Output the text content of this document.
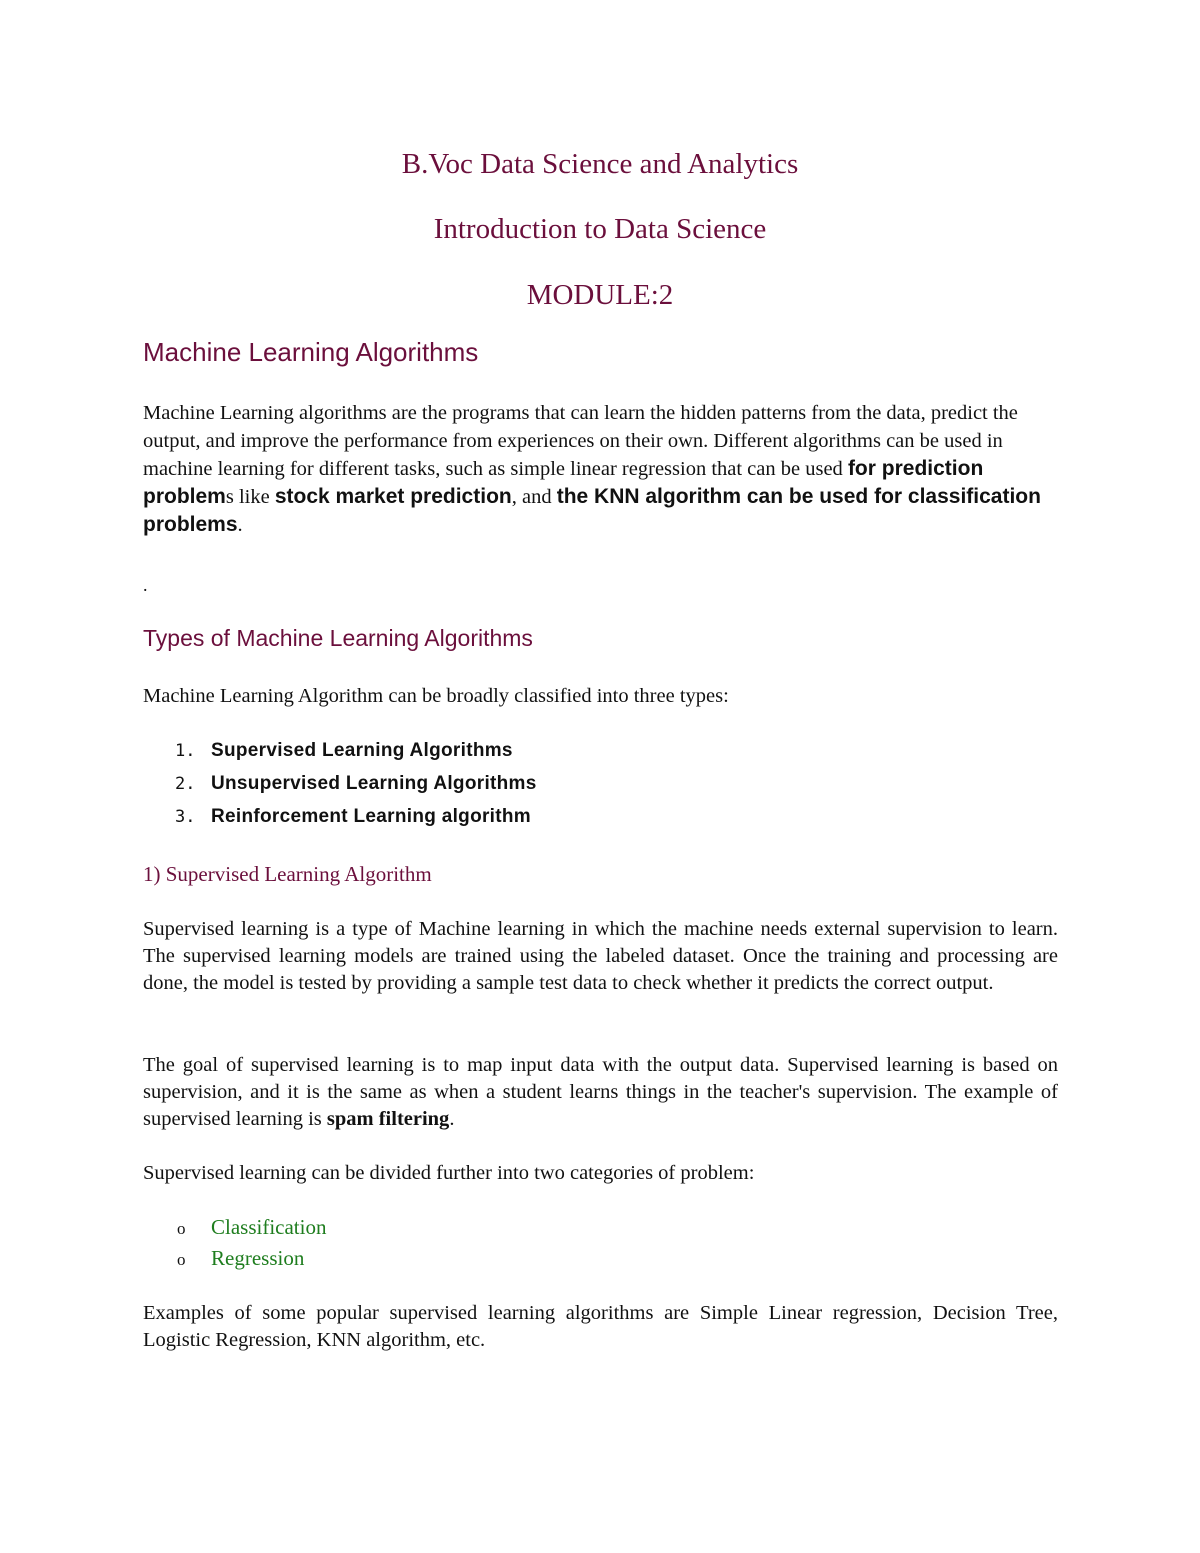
B.Voc Data Science and Analytics
Introduction to Data Science
MODULE:2
Machine Learning Algorithms

Machine Learning algorithms are the programs that can learn the hidden patterns from the data, predict the output, and improve the performance from experiences on their own. Different algorithms can be used in machine learning for different tasks, such as simple linear regression that can be used for prediction problems like stock market prediction, and the KNN algorithm can be used for classification problems.

.

Types of Machine Learning Algorithms

Machine Learning Algorithm can be broadly classified into three types:

1. Supervised Learning Algorithms
2. Unsupervised Learning Algorithms
3. Reinforcement Learning algorithm
1) Supervised Learning Algorithm

Supervised learning is a type of Machine learning in which the machine needs external supervision to learn. The supervised learning models are trained using the labeled dataset. Once the training and processing are done, the model is tested by providing a sample test data to check whether it predicts the correct output.

The goal of supervised learning is to map input data with the output data. Supervised learning is based on supervision, and it is the same as when a student learns things in the teacher's supervision. The example of supervised learning is spam filtering.

Supervised learning can be divided further into two categories of problem:

o	Classification
o	Regression

Examples of some popular supervised learning algorithms are Simple Linear regression, Decision Tree, Logistic Regression, KNN algorithm, etc.
